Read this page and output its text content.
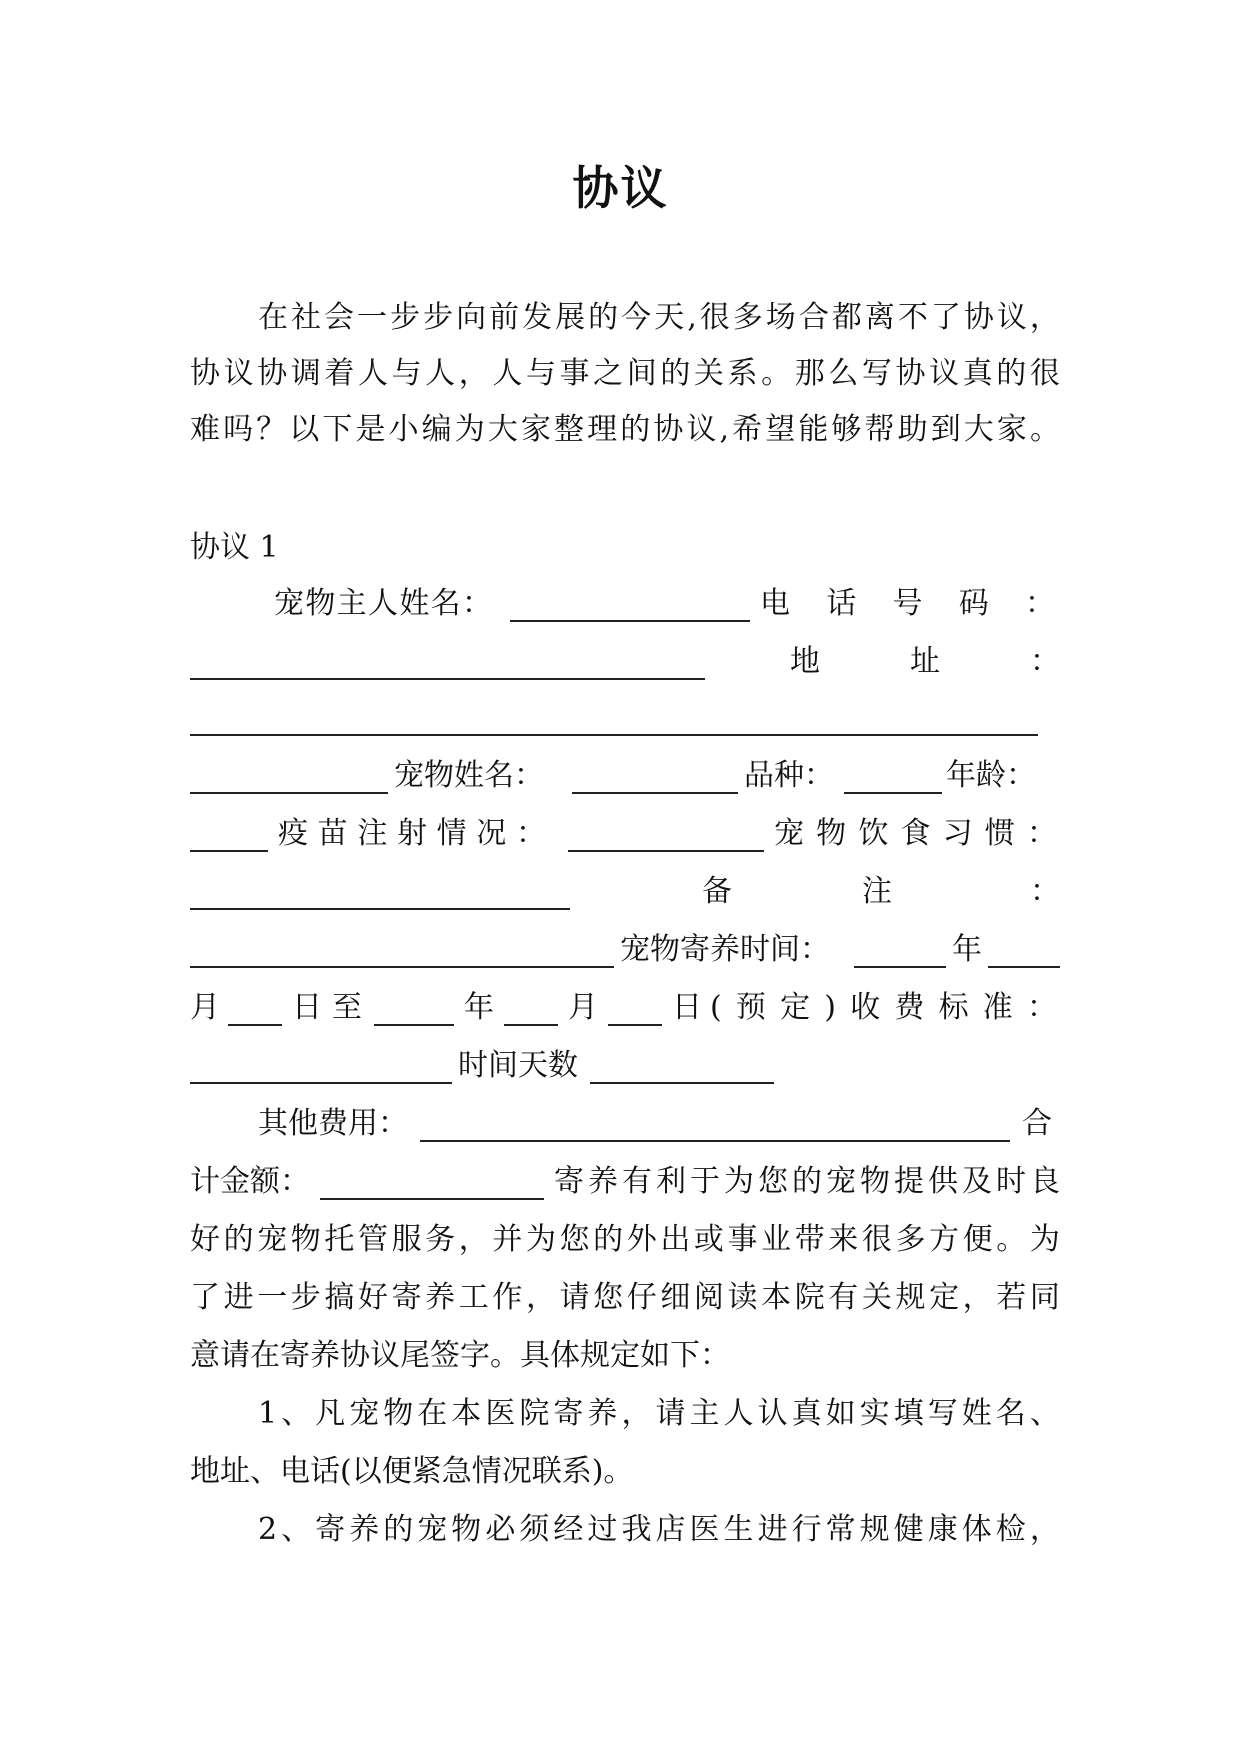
协议
在 社 会 一 步 步 向 前 发 展 的 今 天 , 很 多 场 合 都 离 不 了 协 议 ，
协 议 协 调 着 人 与 人 ， 人 与 事 之 间 的 关 系 。 那 么 写 协 议 真 的 很
难 吗 ？ 以 下 是 小 编 为 大 家 整 理 的 协 议 , 希 望 能 够 帮 助 到 大 家 。
协议 1
宠 物 主 人 姓 名 ：	电 话 号 码 ：
地	址	：
宠物姓名：	品种：	年龄：
疫 苗 注 射 情 况 ：	宠 物 饮 食 习 惯 ：
备	注	：
宠物寄养时间：	年
月 日 至	年 月 日 ( 预 定 ) 收 费 标 准 ：
时间天数
其他费用：	合
计金额：	寄 养 有 利 于 为 您 的 宠 物 提 供 及 时 良
好 的 宠 物 托 管 服 务 ， 并 为 您 的 外 出 或 事 业 带 来 很 多 方 便 。 为
了 进 一 步 搞 好 寄 养 工 作 ， 请 您 仔 细 阅 读 本 院 有 关 规 定 ， 若 同
意请在寄养协议尾签字。具体规定如下：
1 、 凡 宠 物 在 本 医 院 寄 养 ， 请 主 人 认 真 如 实 填 写 姓 名 、
地址、电话(以便紧急情况联系)。
2 、 寄 养 的 宠 物 必 须 经 过 我 店 医 生 进 行 常 规 健 康 体 检 ，
